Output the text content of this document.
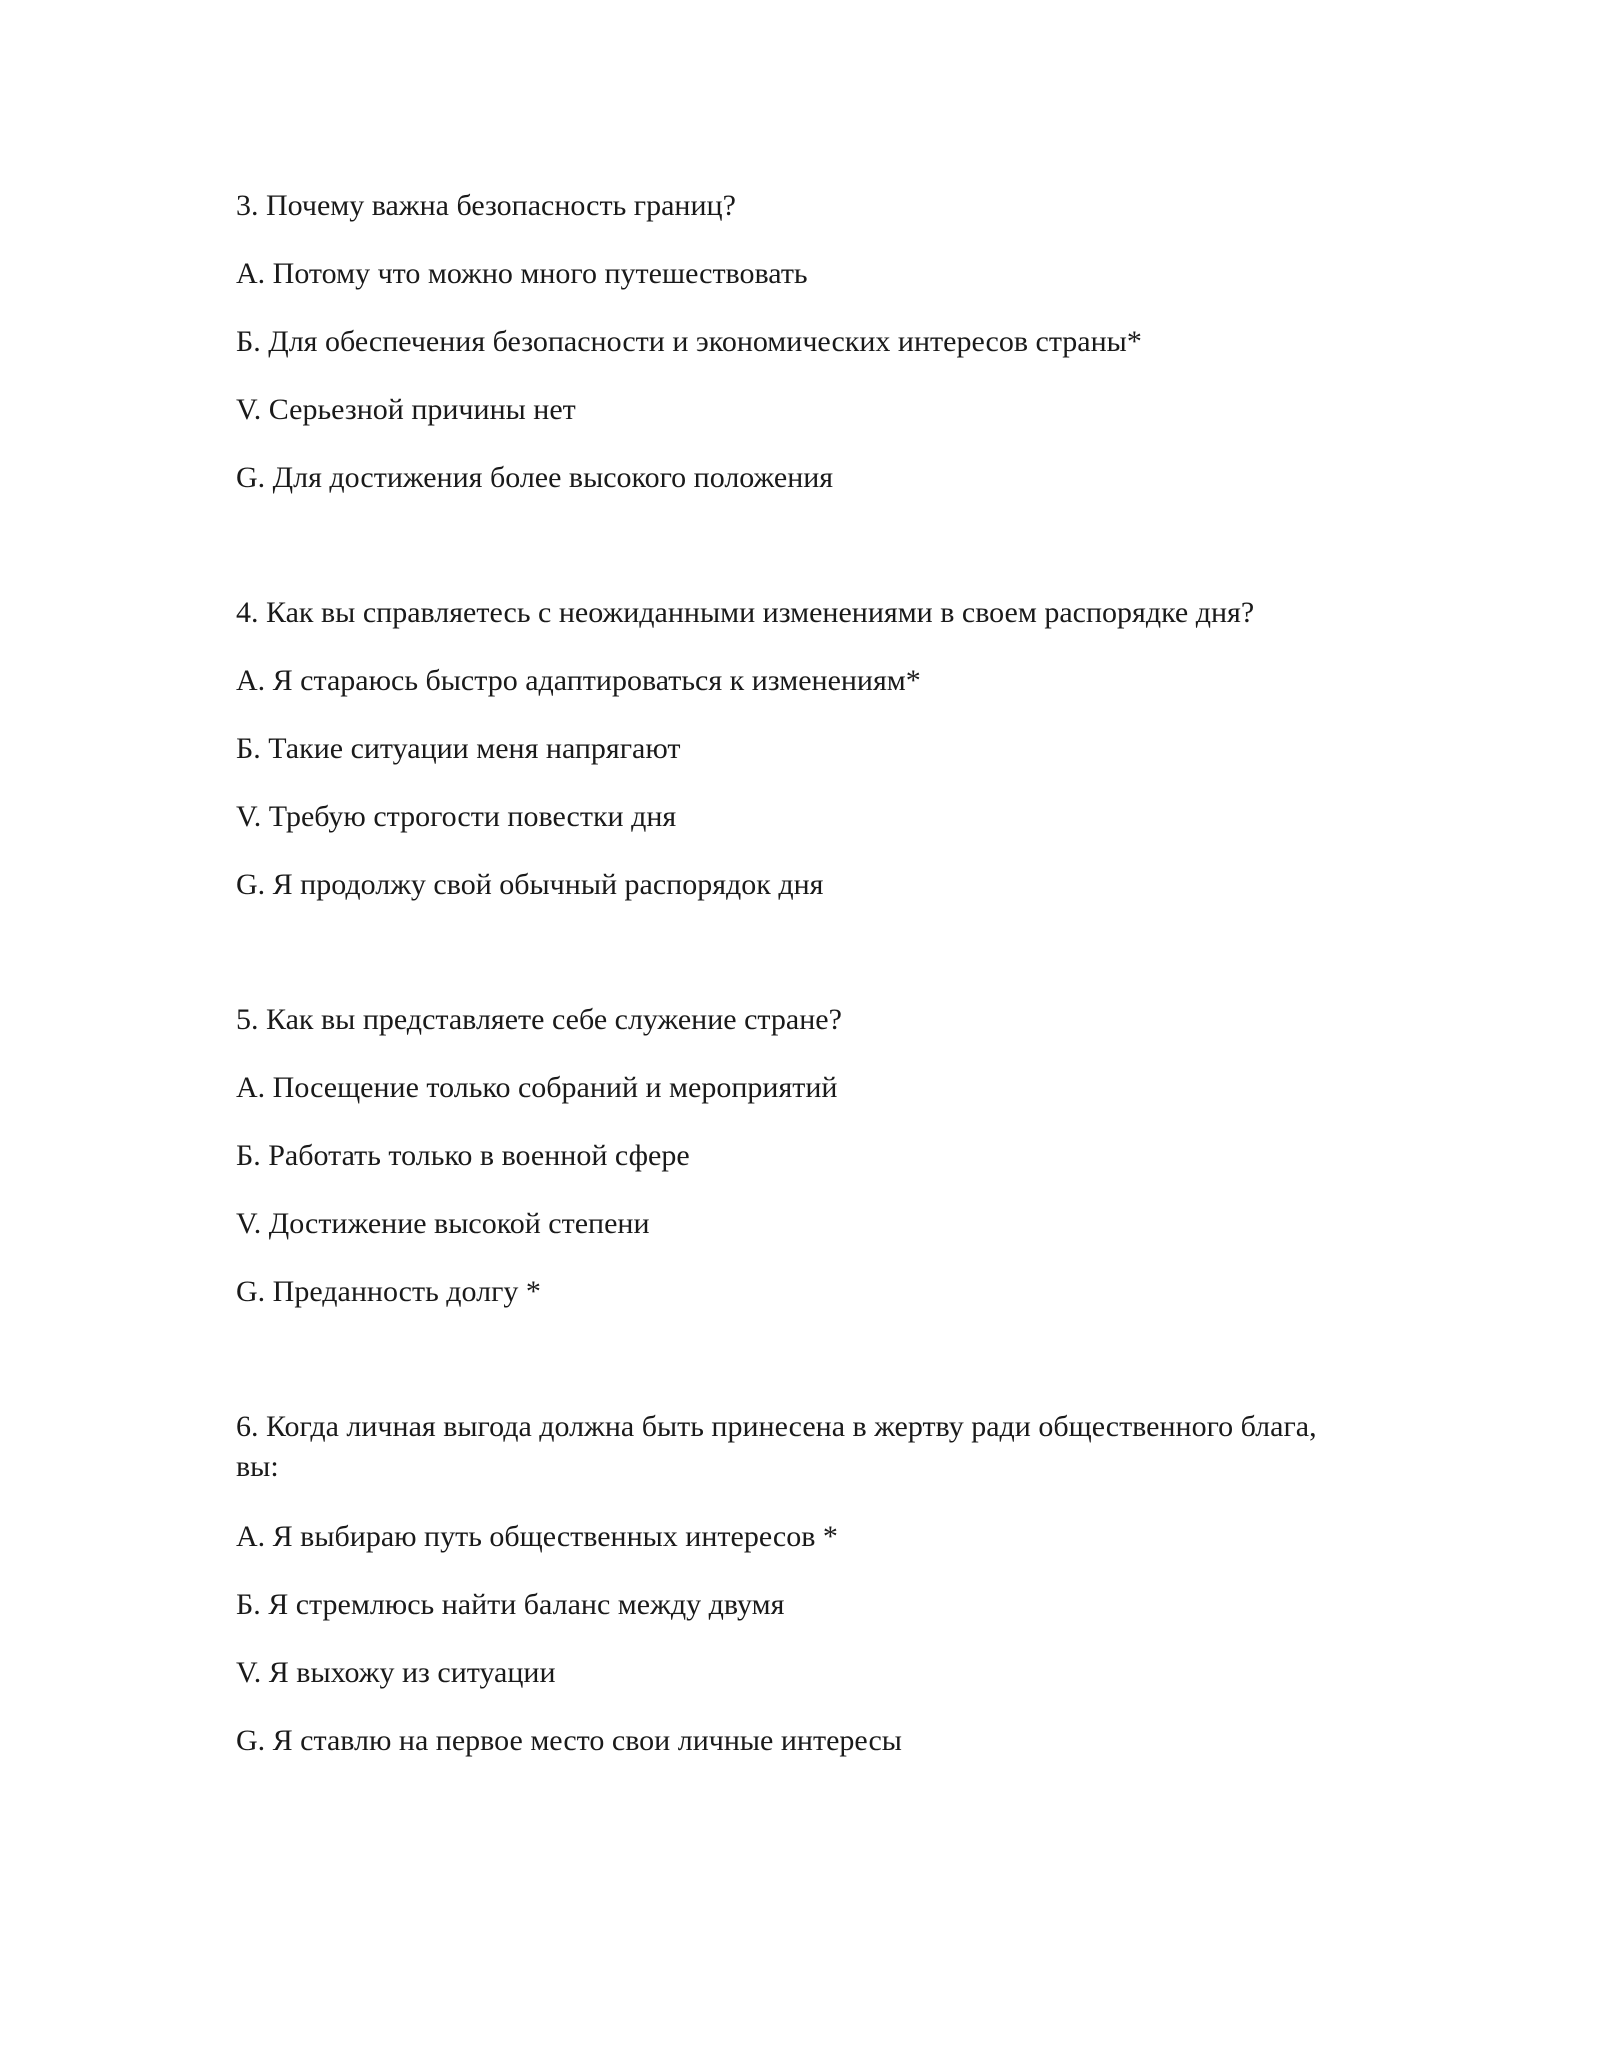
3. Почему важна безопасность границ?
А. Потому что можно много путешествовать
Б. Для обеспечения безопасности и экономических интересов страны*
V. Серьезной причины нет
G. Для достижения более высокого положения
4. Как вы справляетесь с неожиданными изменениями в своем распорядке дня?
А. Я стараюсь быстро адаптироваться к изменениям*
Б. Такие ситуации меня напрягают
V. Требую строгости повестки дня
G. Я продолжу свой обычный распорядок дня
5. Как вы представляете себе служение стране?
А. Посещение только собраний и мероприятий
Б. Работать только в военной сфере
V. Достижение высокой степени
G. Преданность долгу *
6. Когда личная выгода должна быть принесена в жертву ради общественного блага, вы:
А. Я выбираю путь общественных интересов *
Б. Я стремлюсь найти баланс между двумя
V. Я выхожу из ситуации
G. Я ставлю на первое место свои личные интересы
